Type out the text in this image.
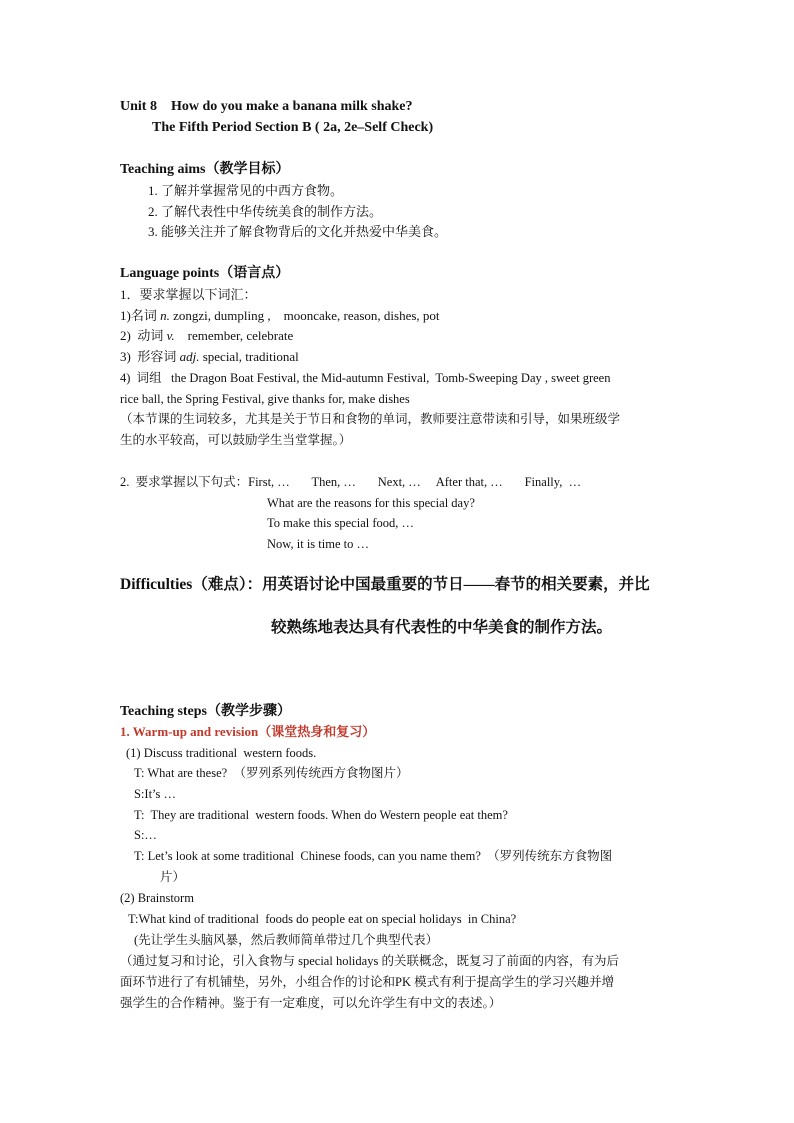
Unit 8    How do you make a banana milk shake?
The Fifth Period Section B ( 2a, 2e–Self Check)
Teaching aims（教学目标）
1. 了解并掌握常见的中西方食物。
2. 了解代表性中华传统美食的制作方法。
3. 能够关注并了解食物背后的文化并热爱中华美食。
Language points（语言点）
1．要求掌握以下词汇：
1)名词 n. zongzi, dumpling ,    mooncake, reason, dishes, pot
2)  动词 v.    remember, celebrate
3)  形容词 adj. special, traditional
4)  词组   the Dragon Boat Festival, the Mid-autumn Festival,  Tomb-Sweeping Day , sweet green
rice ball, the Spring Festival, give thanks for, make dishes
（本节课的生词较多，尤其是关于节日和食物的单词，教师要注意带读和引导，如果班级学
生的水平较高，可以鼓励学生当堂掌握。）
2.  要求掌握以下句式：First, …       Then, …       Next, …     After that, …       Finally,  …
What are the reasons for this special day?
To make this special food, …
Now, it is time to …
Difficulties（难点）：用英语讨论中国最重要的节日——春节的相关要素，并比
较熟练地表达具有代表性的中华美食的制作方法。
Teaching steps（教学步骤）
1. Warm-up and revision（课堂热身和复习）
(1) Discuss traditional  western foods.
T: What are these?  （罗列系列传统西方食物图片）
S:It’s …
T:  They are traditional  western foods. When do Western people eat them?
S:…
T: Let’s look at some traditional  Chinese foods, can you name them?  （罗列传统东方食物图
片）
(2) Brainstorm
T:What kind of traditional  foods do people eat on special holidays  in China?
(先让学生头脑风暴，然后教师简单带过几个典型代表）
（通过复习和讨论，引入食物与 special holidays 的关联概念，既复习了前面的内容，有为后
面环节进行了有机铺垫，另外，小组合作的讨论和PK 模式有利于提高学生的学习兴趣并增
强学生的合作精神。鉴于有一定难度，可以允许学生有中文的表述。）
